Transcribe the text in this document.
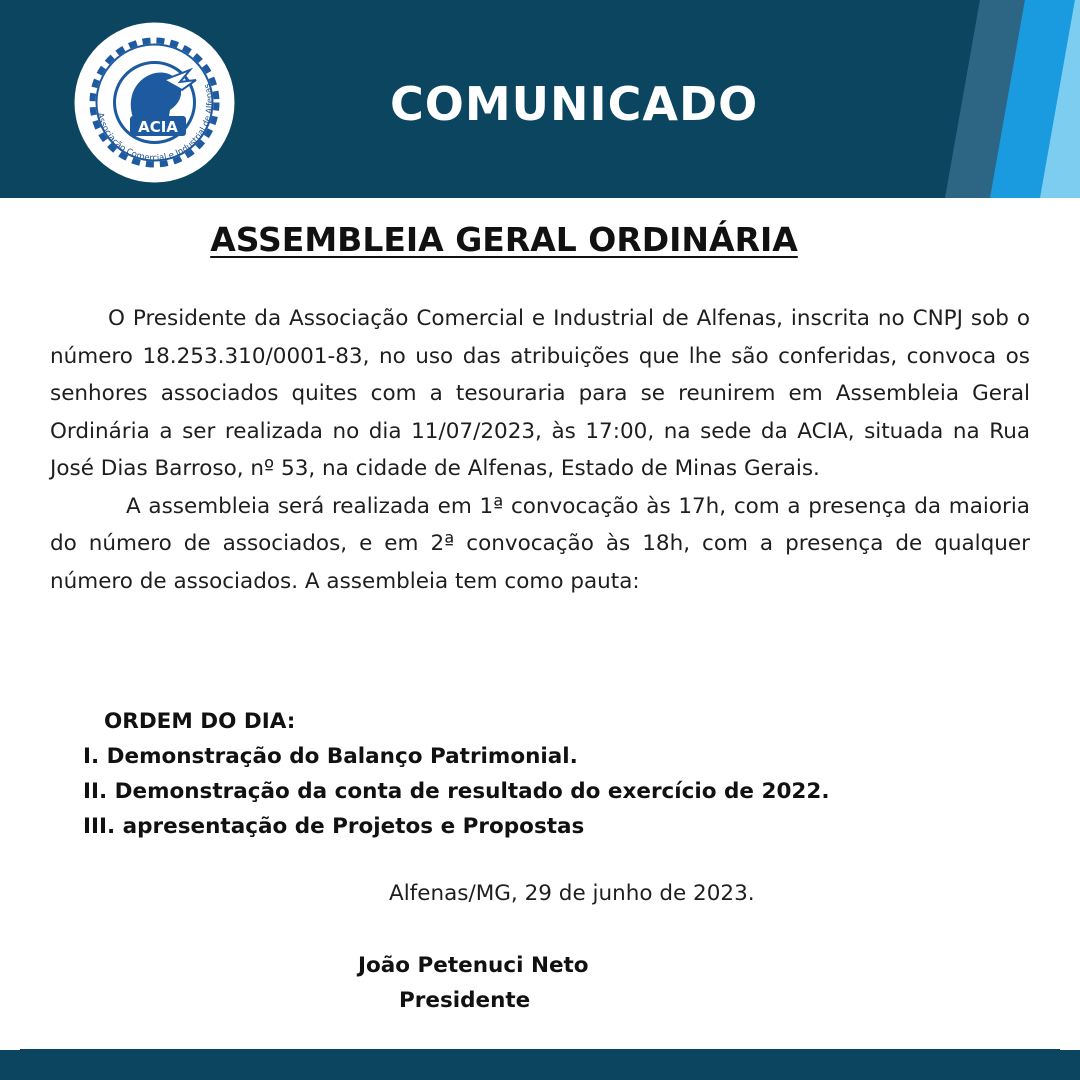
Associação Comercial e Industrial de Alfenas
ACIA	COMUNICADO
ASSEMBLEIA GERAL ORDINÁRIA

O Presidente da Associação Comercial e Industrial de Alfenas, inscrita no CNPJ sob o número 18.253.310/0001-83, no uso das atribuições que lhe são conferidas, convoca os senhores associados quites com a tesouraria para se reunirem em Assembleia Geral Ordinária a ser realizada no dia 11/07/2023, às 17:00, na sede da ACIA, situada na Rua José Dias Barroso, nº 53, na cidade de Alfenas, Estado de Minas Gerais.

A assembleia será realizada em 1ª convocação às 17h, com a presença da maioria do número de associados, e em 2ª convocação às 18h, com a presença de qualquer número de associados. A assembleia tem como pauta:

ORDEM DO DIA:
I. Demonstração do Balanço Patrimonial.
II. Demonstração da conta de resultado do exercício de 2022.
III. apresentação de Projetos e Propostas
Alfenas/MG, 29 de junho de 2023.
João Petenuci Neto
Presidente
